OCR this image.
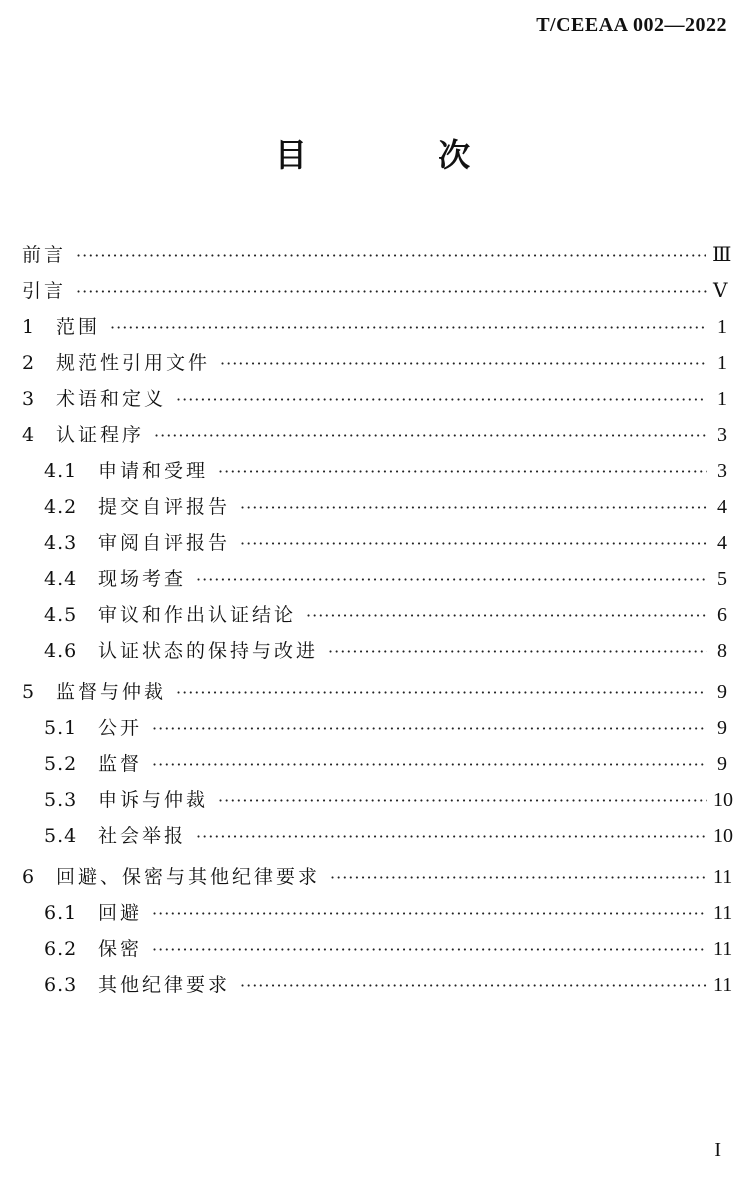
T/CEEAA 002—2022
目 次
前言 ·····	Ⅲ
引言 ·····	Ⅴ
1	范围 ·····	1
2	规范性引用文件 ·····	1
3	术语和定义 ·····	1
4	认证程序 ·····	3
4.1	申请和受理 ·····	3
4.2	提交自评报告 ·····	4
4.3	审阅自评报告 ·····	4
4.4	现场考查 ·····	5
4.5	审议和作出认证结论 ·····	6
4.6	认证状态的保持与改进 ·····	8
5	监督与仲裁 ·····	9
5.1	公开 ·····	9
5.2	监督 ·····	9
5.3	申诉与仲裁 ·····	10
5.4	社会举报 ·····	10
6	回避、保密与其他纪律要求 ·····	11
6.1	回避 ·····	11
6.2	保密 ·····	11
6.3	其他纪律要求 ·····	11
I
